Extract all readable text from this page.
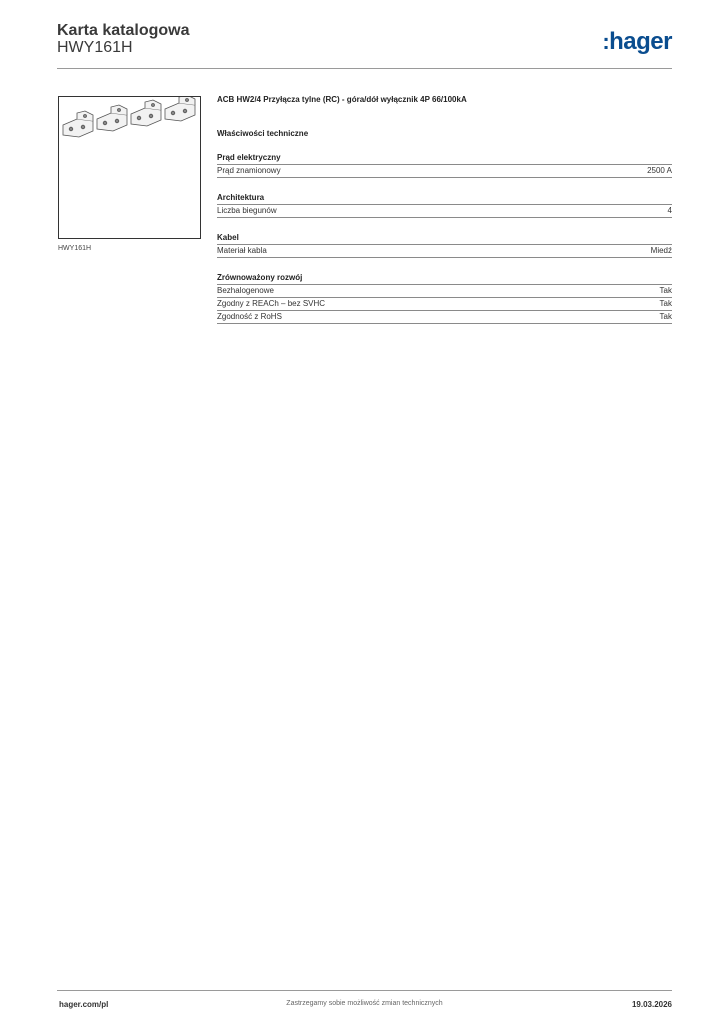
Karta katalogowa
HWY161H	:hager
HWY161H
ACB HW2/4 Przyłącza tylne (RC) - góra/dół wyłącznik 4P 66/100kA
Właściwości techniczne
Prąd elektryczny
Prąd znamionowy	2500 A
Architektura
Liczba biegunów	4
Kabel
Materiał kabla	Miedź
Zrównoważony rozwój
Bezhalogenowe	Tak
Zgodny z REACh – bez SVHC	Tak
Zgodność z RoHS	Tak
hager.com/pl	Zastrzegamy sobie możliwość zmian technicznych	19.03.2026
